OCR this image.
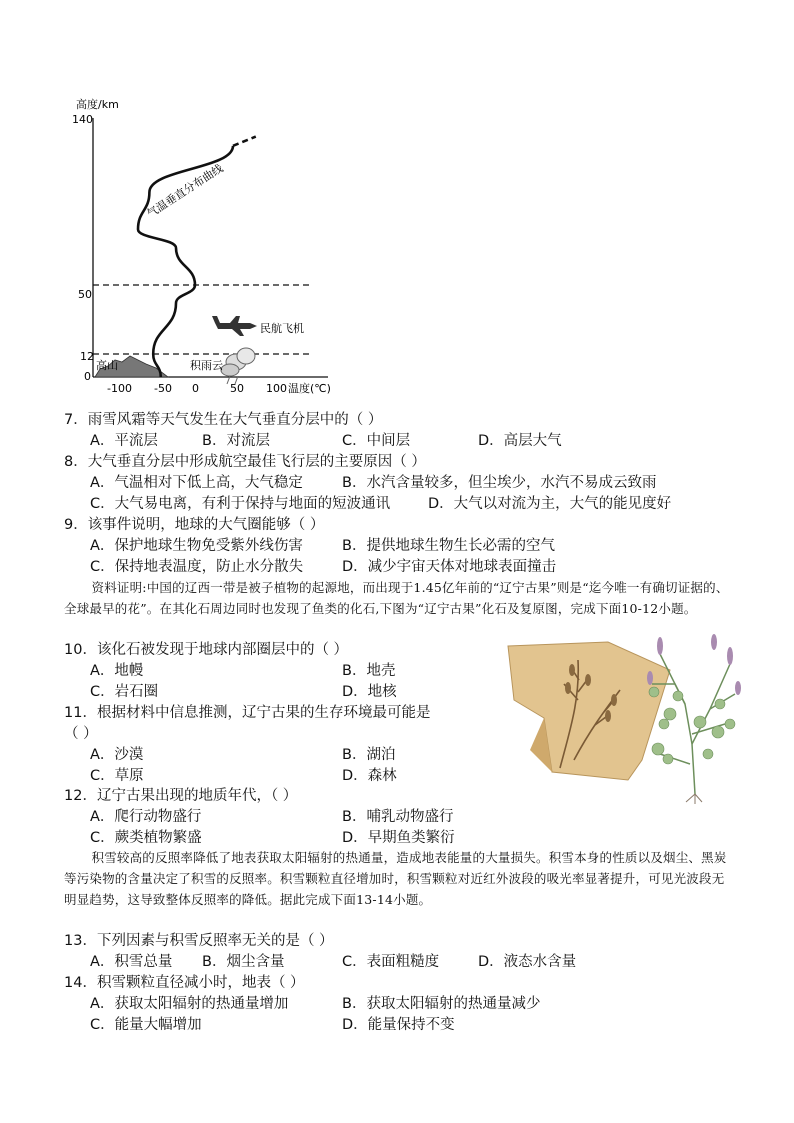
高度/km
140
50
12
0
-100 -50 0	50 100 温度(℃)
高山	积雨云
民航飞机
气温垂直分布曲线
7．雨雪风霜等天气发生在大气垂直分层中的（ ）
A．平流层	B．对流层	C．中间层	D．高层大气
8．大气垂直分层中形成航空最佳飞行层的主要原因（ ）
A．气温相对下低上高，大气稳定	B．水汽含量较多，但尘埃少，水汽不易成云致雨
C．大气易电离，有利于保持与地面的短波通讯	D．大气以对流为主，大气的能见度好
9．该事件说明，地球的大气圈能够（ ）
A．保护地球生物免受紫外线伤害	B．提供地球生物生长必需的空气
C．保持地表温度，防止水分散失	D．减少宇宙天体对地球表面撞击
资料证明:中国的辽西一带是被子植物的起源地，而出现于1.45亿年前的“辽宁古果”则是“迄今唯一有确切证据的、全球最早的花”。在其化石周边同时也发现了鱼类的化石,下图为“辽宁古果”化石及复原图，完成下面10-12小题。
10．该化石被发现于地球内部圈层中的（ ）
A．地幔	B．地壳
C．岩石圈	D．地核
11．根据材料中信息推测，辽宁古果的生存环境最可能是
（ ）
A．沙漠	B．湖泊
C．草原	D．森林
12．辽宁古果出现的地质年代，（ ）
A．爬行动物盛行	B．哺乳动物盛行
C．蕨类植物繁盛	D．早期鱼类繁衍
积雪较高的反照率降低了地表获取太阳辐射的热通量，造成地表能量的大量损失。积雪本身的性质以及烟尘、黑炭等污染物的含量决定了积雪的反照率。积雪颗粒直径增加时，积雪颗粒对近红外波段的吸光率显著提升，可见光波段无明显趋势，这导致整体反照率的降低。据此完成下面13-14小题。
13．下列因素与积雪反照率无关的是（ ）
A．积雪总量 B．烟尘含量	C．表面粗糙度	D．液态水含量
14．积雪颗粒直径减小时，地表（ ）
A．获取太阳辐射的热通量增加	B．获取太阳辐射的热通量减少
C．能量大幅增加	D．能量保持不变
